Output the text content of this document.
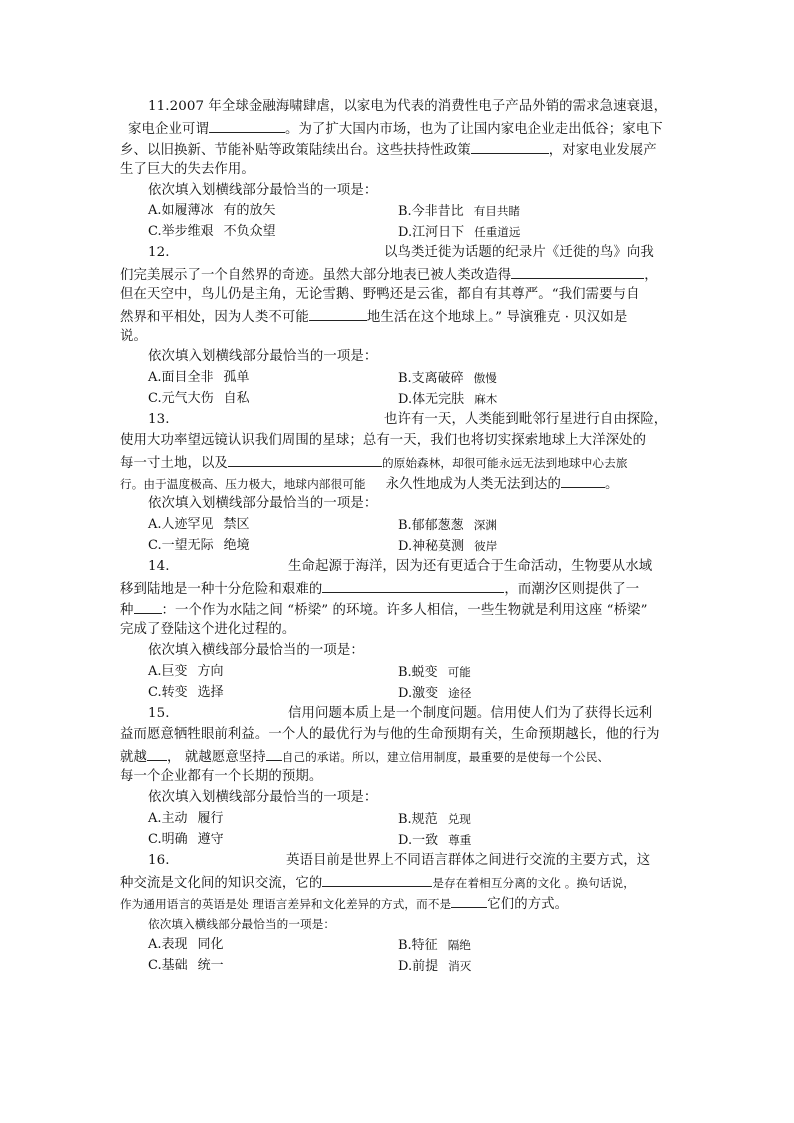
11.2007 年全球金融海啸肆虐，以家电为代表的消费性电子产品外销的需求急速衰退，
家电企业可谓	。为了扩大国内市场，也为了让国内家电企业走出低谷；家电下
乡、以旧换新、节能补贴等政策陆续出台。这些扶持性政策	，对家电业发展产
生了巨大的失去作用。
依次填入划横线部分最恰当的一项是：
A.如履薄冰 有的放矢	B.今非昔比 有目共睹
C.举步维艰 不负众望	D.江河日下 任重道远
12.	以鸟类迁徙为话题的纪录片《迁徙的鸟》向我
们完美展示了一个自然界的奇迹。虽然大部分地表已被人类改造得	，
但在天空中，鸟儿仍是主角，无论雪鹅、野鸭还是云雀，都自有其尊严。“我们需要与自
然界和平相处，因为人类不可能	地生活在这个地球上。” 导演雅克 · 贝汉如是
说。
依次填入划横线部分最恰当的一项是：
A.面目全非 孤单	B.支离破碎 傲慢
C.元气大伤 自私	D.体无完肤 麻木
13.	也许有一天，人类能到毗邻行星进行自由探险，
使用大功率望远镜认识我们周围的星球；总有一天，我们也将切实探索地球上大洋深处的
每一寸土地，以及	的原始森林，却很可能永远无法到地球中心去旅
行。由于温度极高、压力极大，地球内部很可能 永久性地成为人类无法到达的	。
依次填入划横线部分最恰当的一项是：
A.人迹罕见 禁区	B.郁郁葱葱 深渊
C.一望无际 绝境	D.神秘莫测 彼岸
14.	生命起源于海洋，因为还有更适合于生命活动，生物要从水域
移到陆地是一种十分危险和艰难的	，而潮汐区则提供了一
种 ：一个作为水陆之间 “桥梁” 的环境。许多人相信，一些生物就是利用这座 “桥梁”
完成了登陆这个进化过程的。
依次填入横线部分最恰当的一项是：
A.巨变 方向	B.蜕变 可能
C.转变 选择	D.激变 途径
15.	信用问题本质上是一个制度问题。信用使人们为了获得长远利
益而愿意牺牲眼前利益。一个人的最优行为与他的生命预期有关，生命预期越长，他的行为
就越 ， 就越愿意坚持 自己的承诺。所以，建立信用制度，最重要的是使每一个公民、
每一个企业都有一个长期的预期。
依次填入划横线部分最恰当的一项是：
A.主动 履行	B.规范 兑现
C.明确 遵守	D.一致 尊重
16.	英语目前是世界上不同语言群体之间进行交流的主要方式，这
种交流是文化间的知识交流，它的	是存在着相互分离的文化 。换句话说，
作为通用语言的英语是处 理语言差异和文化差异的方式，而不是	它们的方式。
依次填入横线部分最恰当的一项是：
A.表现 同化	B.特征 隔绝
C.基础 统一	D.前提 消灭
